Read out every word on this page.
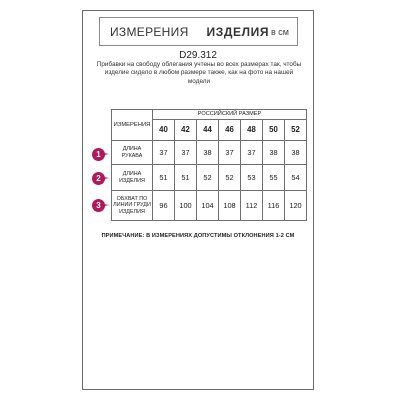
ИЗМЕРЕНИЯ ИЗДЕЛИЯ в см
D29.312
Прибавки на свободу облегания учтены во всех размерах так, чтобы изделие сидело в любом размере также, как на фото на нашей модели
1
2
3
ИЗМЕРЕНИЯ	РОССИЙСКИЙ РАЗМЕР						
	40	42	44	46	48	50	52
ДЛИНА РУКАВА	37	37	38	37	37	38	38
ДЛИНА ИЗДЕЛИЯ	51	51	52	52	53	55	54
ОБХВАТ ПО ЛИНИИ ГРУДИ ИЗДЕЛИЯ	96	100	104	108	112	116	120
ПРИМЕЧАНИЕ: В ИЗМЕРЕНИЯХ ДОПУСТИМЫ ОТКЛОНЕНИЯ 1-2 СМ
